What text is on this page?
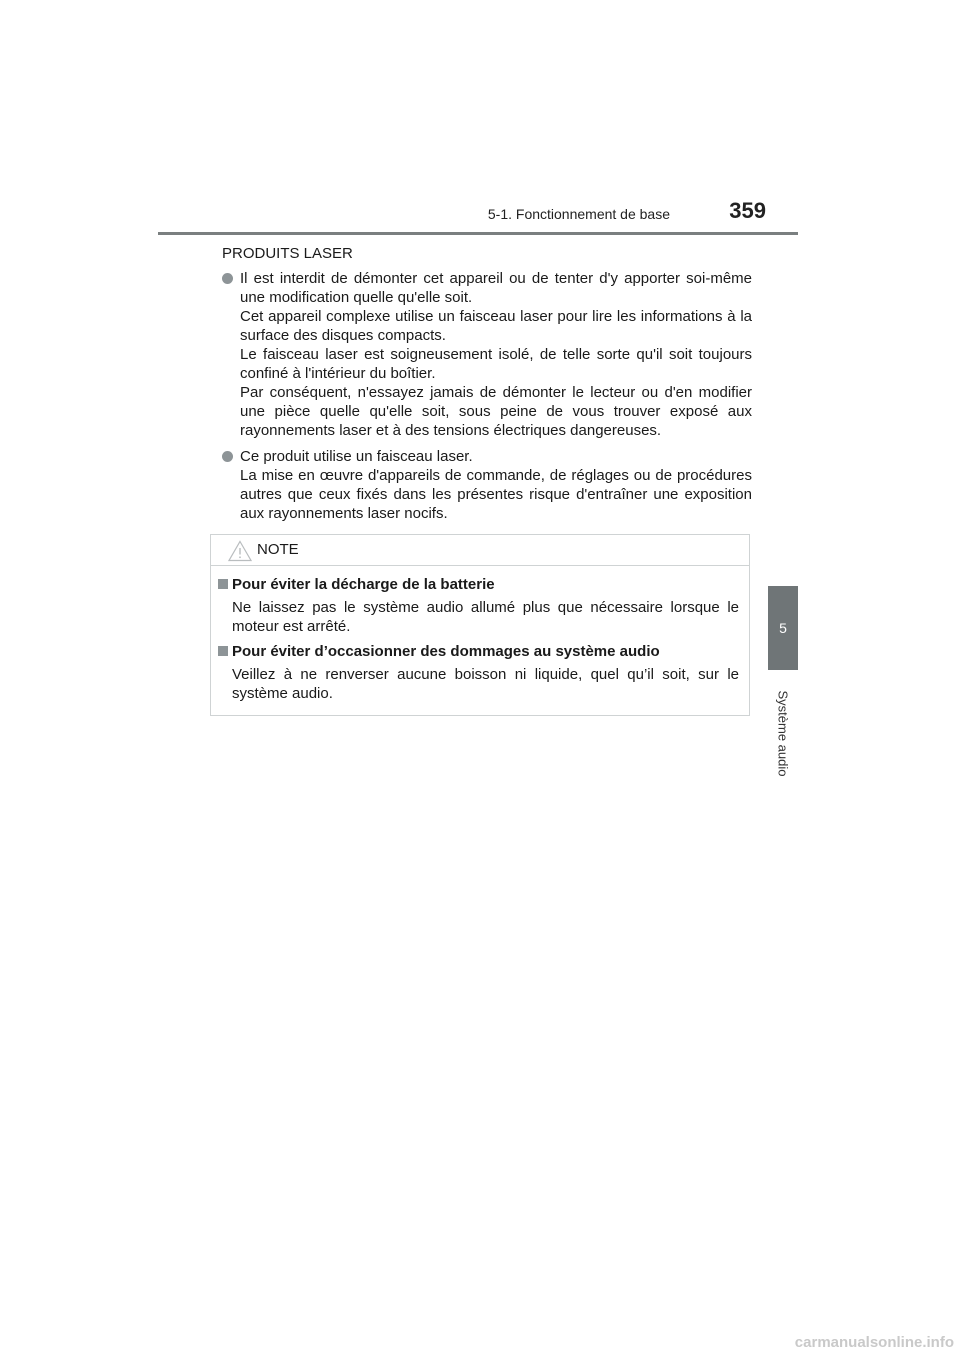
5-1. Fonctionnement de base	359
5
Système audio
PRODUITS LASER

Il est interdit de démonter cet appareil ou de tenter d'y apporter soi-même une modification quelle qu'elle soit.

Cet appareil complexe utilise un faisceau laser pour lire les informations à la surface des disques compacts.

Le faisceau laser est soigneusement isolé, de telle sorte qu'il soit toujours confiné à l'intérieur du boîtier.

Par conséquent, n'essayez jamais de démonter le lecteur ou d'en modifier une pièce quelle qu'elle soit, sous peine de vous trouver exposé aux rayonnements laser et à des tensions électriques dangereuses.

Ce produit utilise un faisceau laser.

La mise en œuvre d'appareils de commande, de réglages ou de procédures autres que ceux fixés dans les présentes risque d'entraîner une exposition aux rayonnements laser nocifs.

NOTE
Pour éviter la décharge de la batterie
Ne laissez pas le système audio allumé plus que nécessaire lorsque le moteur est arrêté.
Pour éviter d’occasionner des dommages au système audio
Veillez à ne renverser aucune boisson ni liquide, quel qu’il soit, sur le système audio.
carmanualsonline.info
